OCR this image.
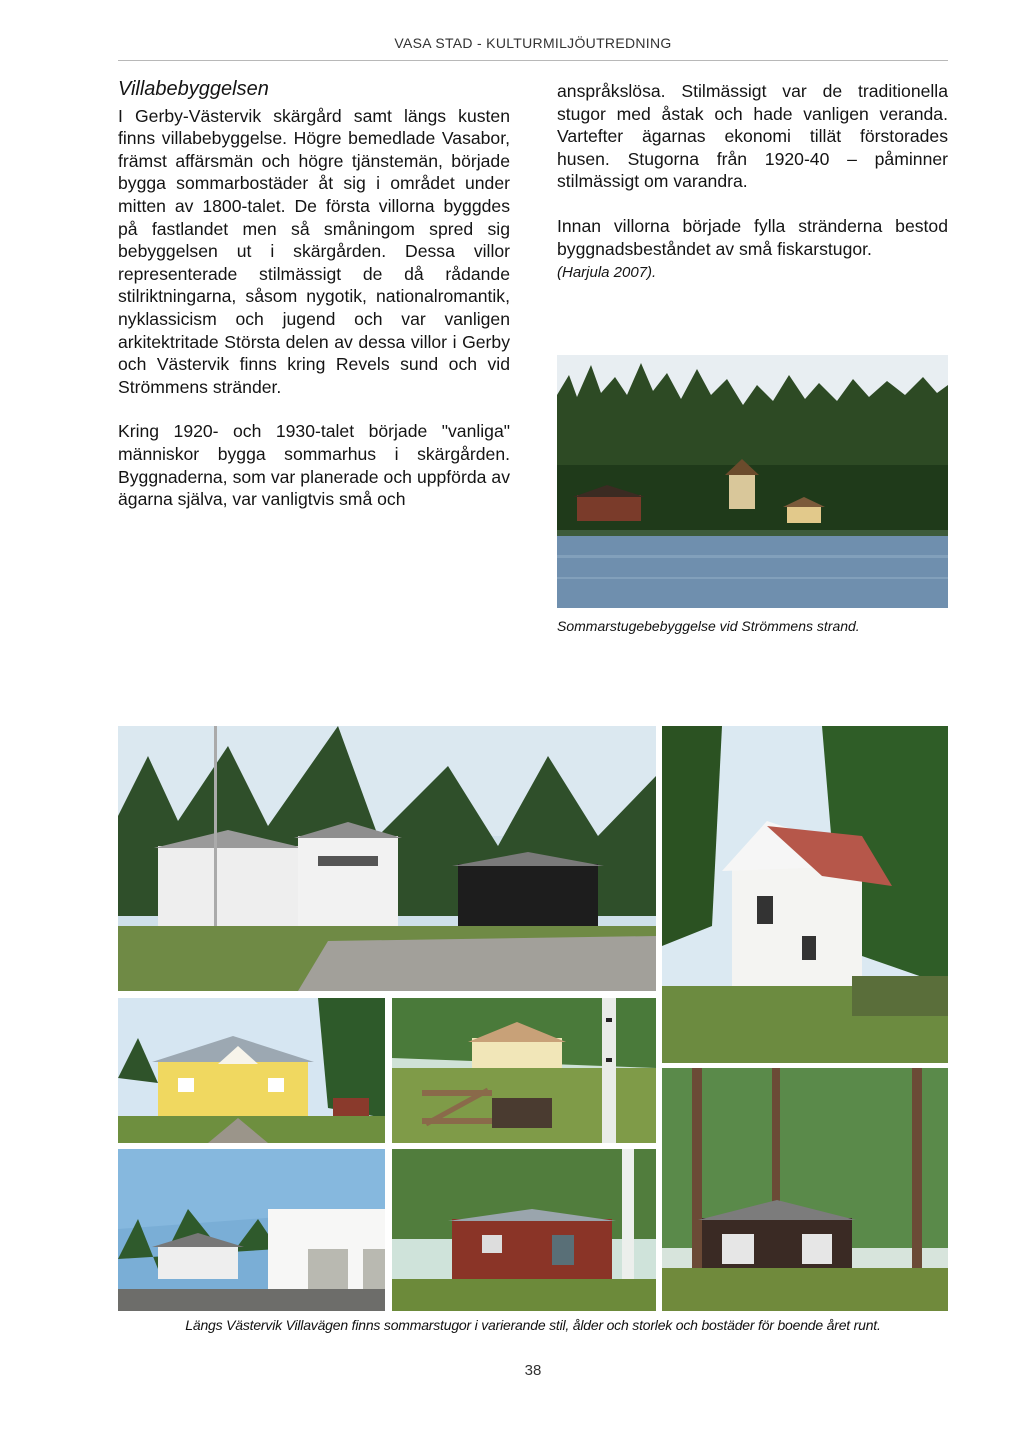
VASA STAD - KULTURMILJÖUTREDNING
Villabebyggelsen

I Gerby-Västervik skärgård samt längs kusten finns villabebyggelse. Högre bemedlade Vasabor, främst affärsmän och högre tjänstemän, började bygga sommarbostäder åt sig i området under mitten av 1800-talet. De första villorna byggdes på fastlandet men så småningom spred sig bebyggelsen ut i skärgården. Dessa villor representerade stilmässigt de då rådande stilriktningarna, såsom nygotik, nationalromantik, nyklassicism och jugend och var vanligen arkitektritade Största delen av dessa villor i Gerby och Västervik finns kring Revels sund och vid Strömmens stränder.

Kring 1920- och 1930-talet började "vanliga" människor bygga sommarhus i skärgården. Byggnaderna, som var planerade och uppförda av ägarna själva, var vanligtvis små och

anspråkslösa. Stilmässigt var de traditionella stugor med åstak och hade vanligen veranda. Vartefter ägarnas ekonomi tillät förstorades husen. Stugorna från 1920-40 – påminner stilmässigt om varandra.

Innan villorna började fylla stränderna bestod byggnadsbeståndet av små fiskarstugor.
(Harjula 2007).

Sommarstugebebyggelse vid Strömmens strand.
Längs Västervik Villavägen finns sommarstugor i varierande stil, ålder och storlek och bostäder för boende året runt.
38
